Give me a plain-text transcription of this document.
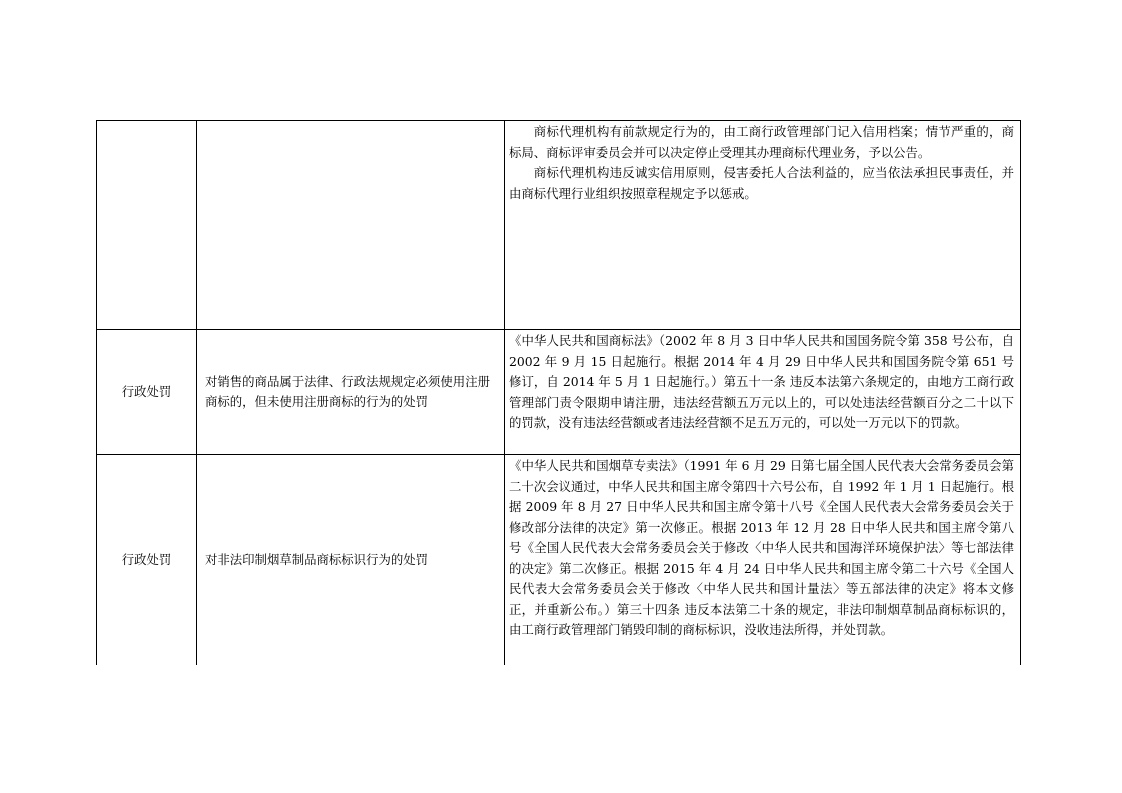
		商标代理机构有前款规定行为的，由工商行政管理部门记入信用档案；情节严重的，商标局、商标评审委员会并可以决定停止受理其办理商标代理业务，予以公告。

商标代理机构违反诚实信用原则，侵害委托人合法利益的，应当依法承担民事责任，并由商标代理行业组织按照章程规定予以惩戒。

行政处罚	对销售的商品属于法律、行政法规规定必须使用注册商标的，但未使用注册商标的行为的处罚	《中华人民共和国商标法》（2002 年 8 月 3 日中华人民共和国国务院令第 358 号公布，自 2002 年 9 月 15 日起施行。根据 2014 年 4 月 29 日中华人民共和国国务院令第 651 号修订，自 2014 年 5 月 1 日起施行。）第五十一条 违反本法第六条规定的，由地方工商行政管理部门责令限期申请注册，违法经营额五万元以上的，可以处违法经营额百分之二十以下的罚款，没有违法经营额或者违法经营额不足五万元的，可以处一万元以下的罚款。

行政处罚	对非法印制烟草制品商标标识行为的处罚	《中华人民共和国烟草专卖法》（1991 年 6 月 29 日第七届全国人民代表大会常务委员会第二十次会议通过，中华人民共和国主席令第四十六号公布，自 1992 年 1 月 1 日起施行。根据 2009 年 8 月 27 日中华人民共和国主席令第十八号《全国人民代表大会常务委员会关于修改部分法律的决定》第一次修正。根据 2013 年 12 月 28 日中华人民共和国主席令第八号《全国人民代表大会常务委员会关于修改〈中华人民共和国海洋环境保护法〉等七部法律的决定》第二次修正。根据 2015 年 4 月 24 日中华人民共和国主席令第二十六号《全国人民代表大会常务委员会关于修改〈中华人民共和国计量法〉等五部法律的决定》将本文修正，并重新公布。）第三十四条 违反本法第二十条的规定，非法印制烟草制品商标标识的，由工商行政管理部门销毁印制的商标标识，没收违法所得，并处罚款。
